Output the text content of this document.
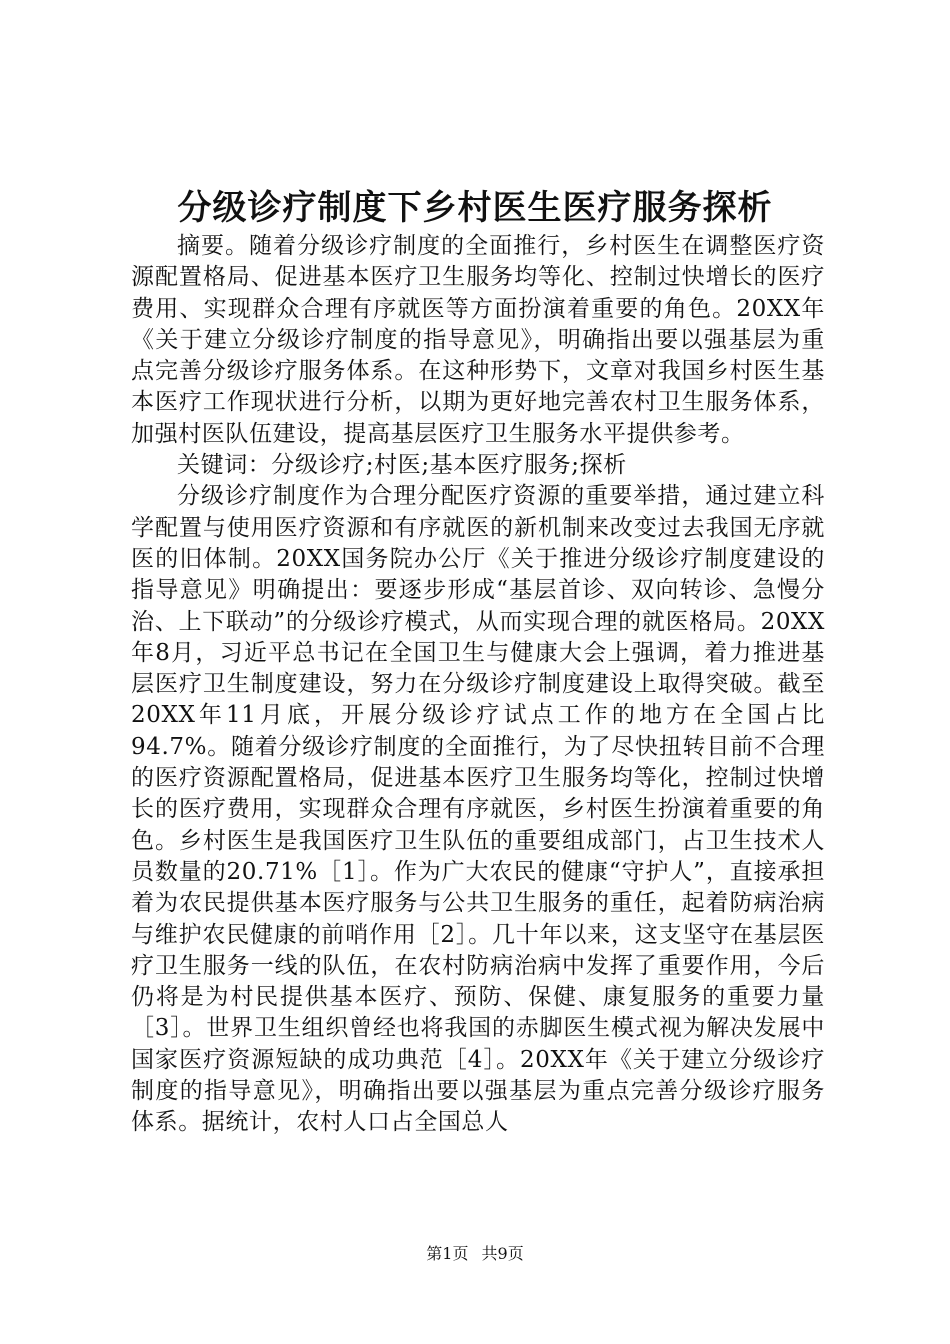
分级诊疗制度下乡村医生医疗服务探析

摘要。随着分级诊疗制度的全面推行，乡村医生在调整医疗资源配置格局、促进基本医疗卫生服务均等化、控制过快增长的医疗费用、实现群众合理有序就医等方面扮演着重要的角色。20XX年《关于建立分级诊疗制度的指导意见》，明确指出要以强基层为重点完善分级诊疗服务体系。在这种形势下，文章对我国乡村医生基本医疗工作现状进行分析，以期为更好地完善农村卫生服务体系，加强村医队伍建设，提高基层医疗卫生服务水平提供参考。

关键词：分级诊疗;村医;基本医疗服务;探析

分级诊疗制度作为合理分配医疗资源的重要举措，通过建立科学配置与使用医疗资源和有序就医的新机制来改变过去我国无序就医的旧体制。20XX国务院办公厅《关于推进分级诊疗制度建设的指导意见》明确提出：要逐步形成“基层首诊、双向转诊、急慢分治、上下联动”的分级诊疗模式，从而实现合理的就医格局。20XX年8月，习近平总书记在全国卫生与健康大会上强调，着力推进基层医疗卫生制度建设，努力在分级诊疗制度建设上取得突破。截至20XX年11月底，开展分级诊疗试点工作的地方在全国占比94.7%。随着分级诊疗制度的全面推行，为了尽快扭转目前不合理的医疗资源配置格局，促进基本医疗卫生服务均等化，控制过快增长的医疗费用，实现群众合理有序就医，乡村医生扮演着重要的角色。乡村医生是我国医疗卫生队伍的重要组成部门，占卫生技术人员数量的20.71%［1］。作为广大农民的健康“守护人”，直接承担着为农民提供基本医疗服务与公共卫生服务的重任，起着防病治病与维护农民健康的前哨作用［2］。几十年以来，这支坚守在基层医疗卫生服务一线的队伍，在农村防病治病中发挥了重要作用，今后仍将是为村民提供基本医疗、预防、保健、康复服务的重要力量［3］。世界卫生组织曾经也将我国的赤脚医生模式视为解决发展中国家医疗资源短缺的成功典范［4］。20XX年《关于建立分级诊疗制度的指导意见》，明确指出要以强基层为重点完善分级诊疗服务体系。据统计，农村人口占全国总人

第1页 共9页
